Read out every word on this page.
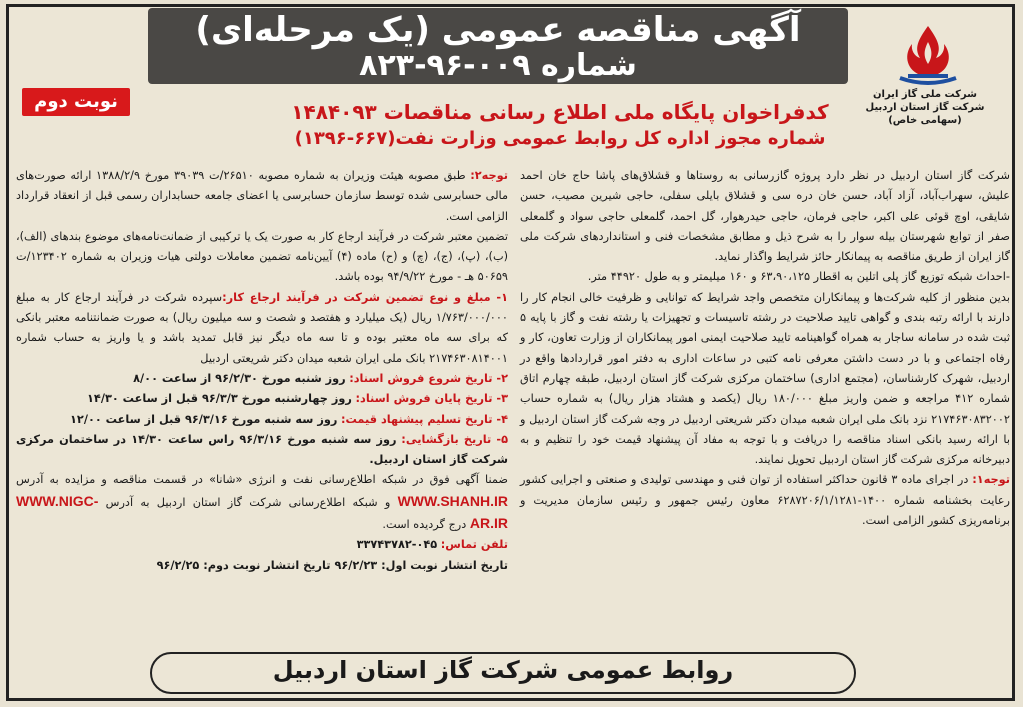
آگهی مناقصه عمومی (یک مرحله‌ای)
شماره ۰۰۹-۹۶-۸۲۳
نوبت دوم	شرکت ملی گاز ایران
شرکت گاز استان اردبیل
(سهامی خاص)
کدفراخوان پایگاه ملی اطلاع رسانی مناقصات ۱۴۸۴۰۹۳
شماره مجوز اداره کل روابط عمومی وزارت نفت(۶۶۷-۱۳۹۶)

شرکت گاز استان اردبیل در نظر دارد پروژه گازرسانی به روستاها و قشلاق‌های پاشا حاج خان احمد علیش، سهراب‌آباد، آزاد آباد، حسن خان دره سی و قشلاق بایلی سفلی، حاجی شیرین مصیب، حسن شایقی، اوچ قوئی علی اکبر، حاجی فرمان، حاجی حیدرهوار، گل احمد، گلمعلی حاجی سواد و گلمعلی صفر از توابع شهرستان بیله سوار را به شرح ذیل و مطابق مشخصات فنی و استانداردهای شرکت ملی گاز ایران از طریق مناقصه به پیمانکار حائز شرایط واگذار نماید.

-احداث شبکه توزیع گاز پلی اتلین به اقطار ۶۳،۹۰،۱۲۵ و ۱۶۰ میلیمتر و به طول ۴۴۹۲۰ متر.

بدین منظور از کلیه شرکت‌ها و پیمانکاران متخصص واجد شرایط که توانایی و ظرفیت خالی انجام کار را دارند با ارائه رتبه بندی و گواهی تایید صلاحیت در رشته تاسیسات و تجهیزات یا رشته نفت و گاز با پایه ۵ ثبت شده در سامانه ساجار به همراه گواهینامه تایید صلاحیت ایمنی امور پیمانکاران از وزارت تعاون، کار و رفاه اجتماعی و با در دست داشتن معرفی نامه کتبی در ساعات اداری به دفتر امور قراردادها واقع در اردبیل، شهرک کارشناسان، (مجتمع اداری) ساختمان مرکزی شرکت گاز استان اردبیل، طبقه چهارم اتاق شماره ۴۱۲ مراجعه و ضمن واریز مبلغ ۱۸۰/۰۰۰ ریال (یکصد و هشتاد هزار ریال) به شماره حساب ۲۱۷۴۶۳۰۸۳۲۰۰۲ نزد بانک ملی ایران شعبه میدان دکتر شریعتی اردبیل در وجه شرکت گاز استان اردبیل و با ارائه رسید بانکی اسناد مناقصه را دریافت و با توجه به مفاد آن پیشنهاد قیمت خود را تنظیم و به دبیرخانه مرکزی شرکت گاز استان اردبیل تحویل نمایند.

توجه۱: در اجرای ماده ۳ قانون حداکثر استفاده از توان فنی و مهندسی تولیدی و صنعتی و اجرایی کشور رعایت بخشنامه شماره ۱۴۰۰-۶۲۸۷۲۰۶/۱/۱۲۸۱ معاون رئیس جمهور و رئیس سازمان مدیریت و برنامه‌ریزی کشور الزامی است.

توجه۲: طبق مصوبه هیئت وزیران به شماره مصوبه ۲۶۵۱۰/ت ۳۹۰۳۹ مورخ ۱۳۸۸/۲/۹ ارائه صورت‌های مالی حسابرسی شده توسط سازمان حسابرسی یا اعضای جامعه حسابداران رسمی قبل از انعقاد قرارداد الزامی است.

تضمین معتبر شرکت در فرآیند ارجاع کار به صورت یک یا ترکیبی از ضمانت‌نامه‌های موضوع بندهای (الف)، (ب)، (پ)، (ج)، (چ) و (ح) ماده (۴) آیین‌نامه تضمین معاملات دولتی هیات وزیران به شماره ۱۲۳۴۰۲/ت ۵۰۶۵۹ هـ - مورخ ۹۴/۹/۲۲ بوده باشد.

۱- مبلغ و نوع تضمین شرکت در فرآیند ارجاع کار:سپرده شرکت در فرآیند ارجاع کار به مبلغ ۱/۷۶۳/۰۰۰/۰۰۰ ریال (یک میلیارد و هفتصد و شصت و سه میلیون ریال) به صورت ضمانتنامه معتبر بانکی که برای سه ماه معتبر بوده و تا سه ماه دیگر نیز قابل تمدید باشد و یا واریز به حساب شماره ۲۱۷۴۶۳۰۸۱۴۰۰۱ بانک ملی ایران شعبه میدان دکتر شریعتی اردبیل

۲- تاریخ شروع فروش اسناد: روز شنبه مورخ ۹۶/۲/۳۰ از ساعت ۸/۰۰

۳- تاریخ پایان فروش اسناد: روز چهارشنبه مورخ ۹۶/۳/۳ قبل از ساعت ۱۴/۳۰

۴- تاریخ تسلیم پیشنهاد قیمت: روز سه شنبه مورخ ۹۶/۳/۱۶ قبل از ساعت ۱۲/۰۰

۵- تاریخ بازگشایی: روز سه شنبه مورخ ۹۶/۳/۱۶ راس ساعت ۱۴/۳۰ در ساختمان مرکزی شرکت گاز استان اردبیل.

ضمنا آگهی فوق در شبکه اطلاع‌رسانی نفت و انرژی «شانا» در قسمت مناقصه و مزایده به آدرس WWW.SHANH.IR و شبکه اطلاع‌رسانی شرکت گاز استان اردبیل به آدرس WWW.NIGC-AR.IR درج گردیده است.

تلفن تماس: ۰۴۵-۳۳۷۴۳۷۸۲

تاریخ انتشار نوبت اول: ۹۶/۲/۲۳ تاریخ انتشار نوبت دوم: ۹۶/۲/۲۵

روابط عمومی شرکت گاز استان اردبیل
